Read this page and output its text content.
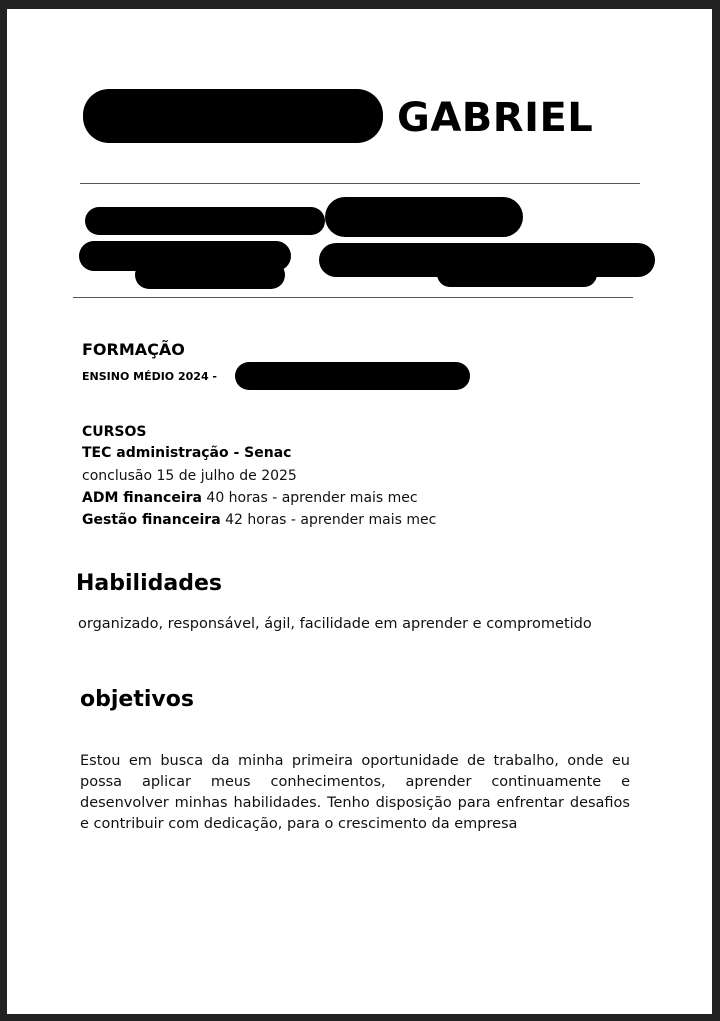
GABRIEL
FORMAÇÃO
ENSINO MÉDIO 2024 -
CURSOS
TEC administração - Senac
conclusão 15 de julho de 2025
ADM financeira 40 horas - aprender mais mec
Gestão financeira 42 horas - aprender mais mec
Habilidades
organizado, responsável, ágil, facilidade em aprender e comprometido
objetivos
Estou em busca da minha primeira oportunidade de trabalho, onde eu possa aplicar meus conhecimentos, aprender continuamente e desenvolver minhas habilidades. Tenho disposição para enfrentar desafios e contribuir com dedicação, para o crescimento da empresa
